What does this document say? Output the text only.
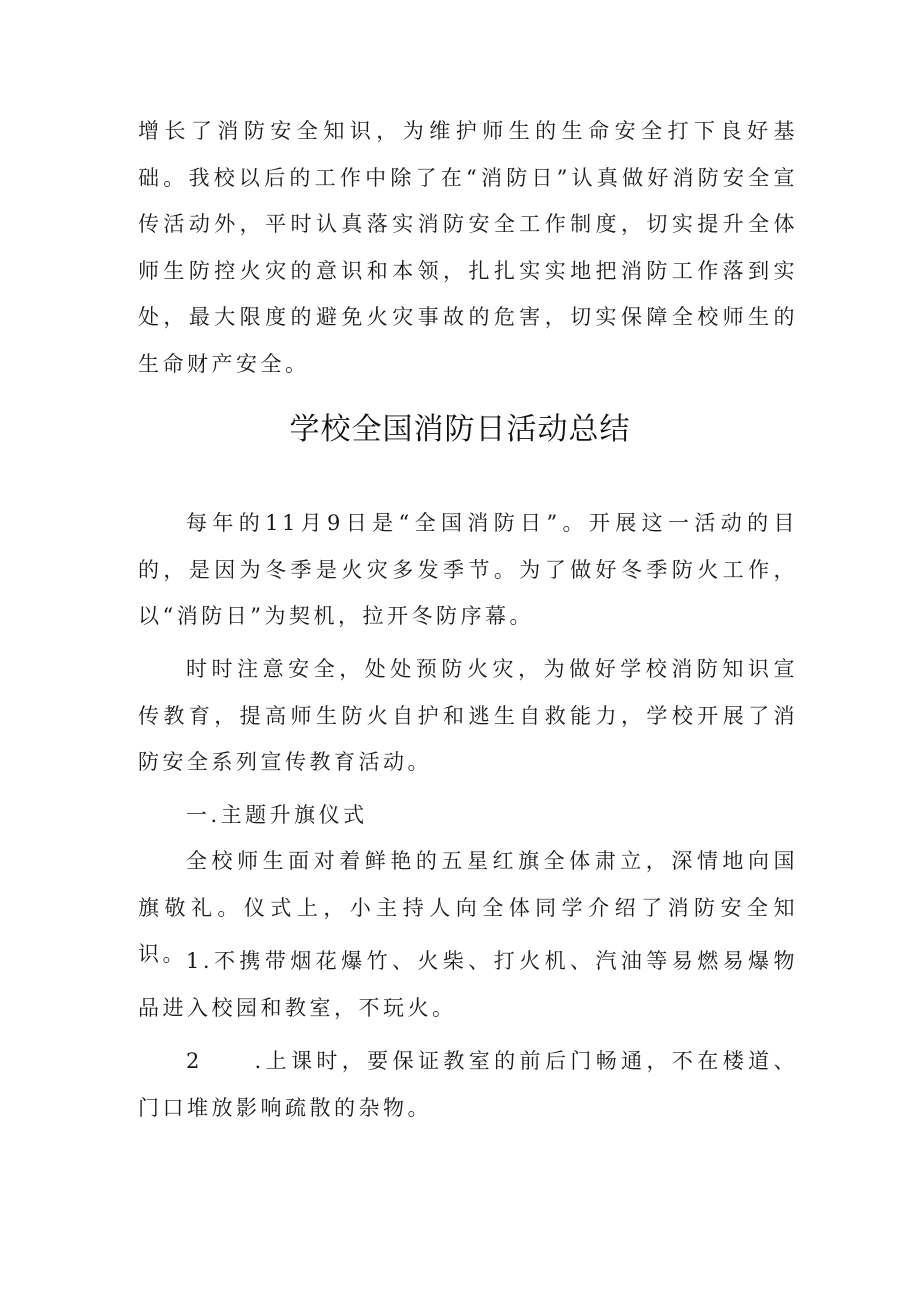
增长了消防安全知识，为维护师生的生命安全打下良好基础。我校以后的工作中除了在“消防日”认真做好消防安全宣传活动外，平时认真落实消防安全工作制度，切实提升全体师生防控火灾的意识和本领，扎扎实实地把消防工作落到实处，最大限度的避免火灾事故的危害，切实保障全校师生的生命财产安全。

学校全国消防日活动总结

每年的11月9日是“全国消防日”。开展这一活动的目的，是因为冬季是火灾多发季节。为了做好冬季防火工作，以“消防日”为契机，拉开冬防序幕。

时时注意安全，处处预防火灾，为做好学校消防知识宣传教育，提高师生防火自护和逃生自救能力，学校开展了消防安全系列宣传教育活动。

一.主题升旗仪式

全校师生面对着鲜艳的五星红旗全体肃立，深情地向国旗敬礼。仪式上，小主持人向全体同学介绍了消防安全知识。 1.不携带烟花爆竹、火柴、打火机、汽油等易燃易爆物品进入校园和教室，不玩火。

2　　.上课时，要保证教室的前后门畅通，不在楼道、门口堆放影响疏散的杂物。
